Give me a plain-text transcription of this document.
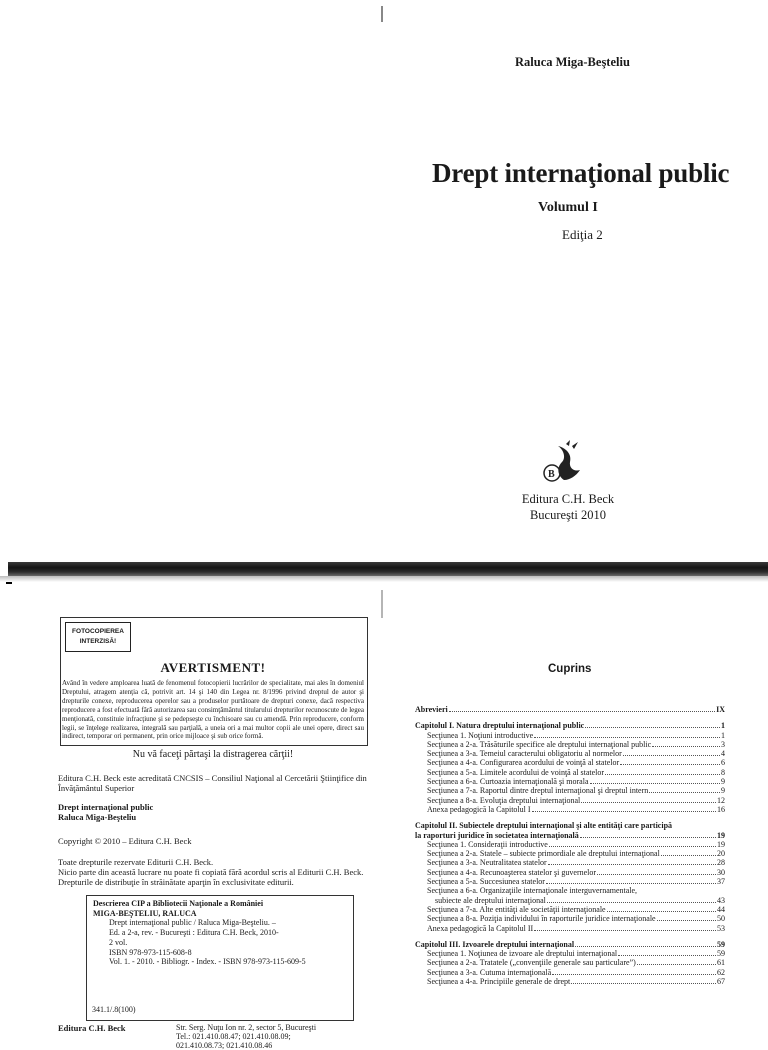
Raluca Miga-Beşteliu
Drept internaţional public
Volumul I
Ediţia 2
B
Editura C.H. Beck
Bucureşti 2010
FOTOCOPIEREA INTERZISĂ!
AVERTISMENT!
Având în vedere amploarea luată de fenomenul fotocopierii lucrărilor de specialitate, mai ales în domeniul Dreptului, atragem atenţia că, potrivit art. 14 şi 140 din Legea nr. 8/1996 privind dreptul de autor şi drepturile conexe, reproducerea operelor sau a produselor purtătoare de drepturi conexe, dacă respectiva reproducere a fost efectuată fără autorizarea sau consimţământul titularului drepturilor recunoscute de legea menţionată, constituie infracţiune şi se pedepseşte cu închisoare sau cu amendă. Prin reproducere, conform legii, se înţelege realizarea, integrală sau parţială, a uneia ori a mai multor copii ale unei opere, direct sau indirect, temporar ori permanent, prin orice mijloace şi sub orice formă.
Nu vă faceţi părtaşi la distragerea cărţii!
Editura C.H. Beck este acreditată CNCSIS – Consiliul Naţional al Cercetării Ştiinţifice din Învăţământul Superior
Drept internaţional public
Raluca Miga-Beşteliu
Copyright © 2010 – Editura C.H. Beck
Toate drepturile rezervate Editurii C.H. Beck.
Nicio parte din această lucrare nu poate fi copiată fără acordul scris al Editurii C.H. Beck.
Drepturile de distribuţie în străinătate aparţin în exclusivitate editurii.
Descrierea CIP a Bibliotecii Naţionale a României
MIGA-BEŞTELIU, RALUCA
Drept internaţional public / Raluca Miga-Beşteliu. –
Ed. a 2-a, rev. - Bucureşti : Editura C.H. Beck, 2010-
2 vol.
ISBN 978-973-115-608-8
Vol. 1. - 2010. - Bibliogr. - Index. - ISBN 978-973-115-609-5
341.1/.8(100)
Editura C.H. Beck	Str. Serg. Nuţu Ion nr. 2, sector 5, Bucureşti
Tel.: 021.410.08.47; 021.410.08.09;
021.410.08.73; 021.410.08.46
Cuprins
Abrevieri	IX
Capitolul I. Natura dreptului internaţional public	1
Secţiunea 1. Noţiuni introductive	1
Secţiunea a 2-a. Trăsăturile specifice ale dreptului internaţional public	3
Secţiunea a 3-a. Temeiul caracterului obligatoriu al normelor	4
Secţiunea a 4-a. Configurarea acordului de voinţă al statelor	6
Secţiunea a 5-a. Limitele acordului de voinţă al statelor	8
Secţiunea a 6-a. Curtoazia internaţională şi morala	9
Secţiunea a 7-a. Raportul dintre dreptul internaţional şi dreptul intern	9
Secţiunea a 8-a. Evoluţia dreptului internaţional	12
Anexa pedagogică la Capitolul I	16
Capitolul II. Subiectele dreptului internaţional şi alte entităţi care participă
la raporturi juridice în societatea internaţională	19
Secţiunea 1. Consideraţii introductive	19
Secţiunea a 2-a. Statele – subiecte primordiale ale dreptului internaţional	20
Secţiunea a 3-a. Neutralitatea statelor	28
Secţiunea a 4-a. Recunoaşterea statelor şi guvernelor	30
Secţiunea a 5-a. Succesiunea statelor	37
Secţiunea a 6-a. Organizaţiile internaţionale interguvernamentale,
subiecte ale dreptului internaţional	43
Secţiunea a 7-a. Alte entităţi ale societăţii internaţionale	44
Secţiunea a 8-a. Poziţia individului în raporturile juridice internaţionale	50
Anexa pedagogică la Capitolul II	53
Capitolul III. Izvoarele dreptului internaţional	59
Secţiunea 1. Noţiunea de izvoare ale dreptului internaţional	59
Secţiunea a 2-a. Tratatele („convenţiile generale sau particulare”)	61
Secţiunea a 3-a. Cutuma internaţională	62
Secţiunea a 4-a. Principiile generale de drept	67
